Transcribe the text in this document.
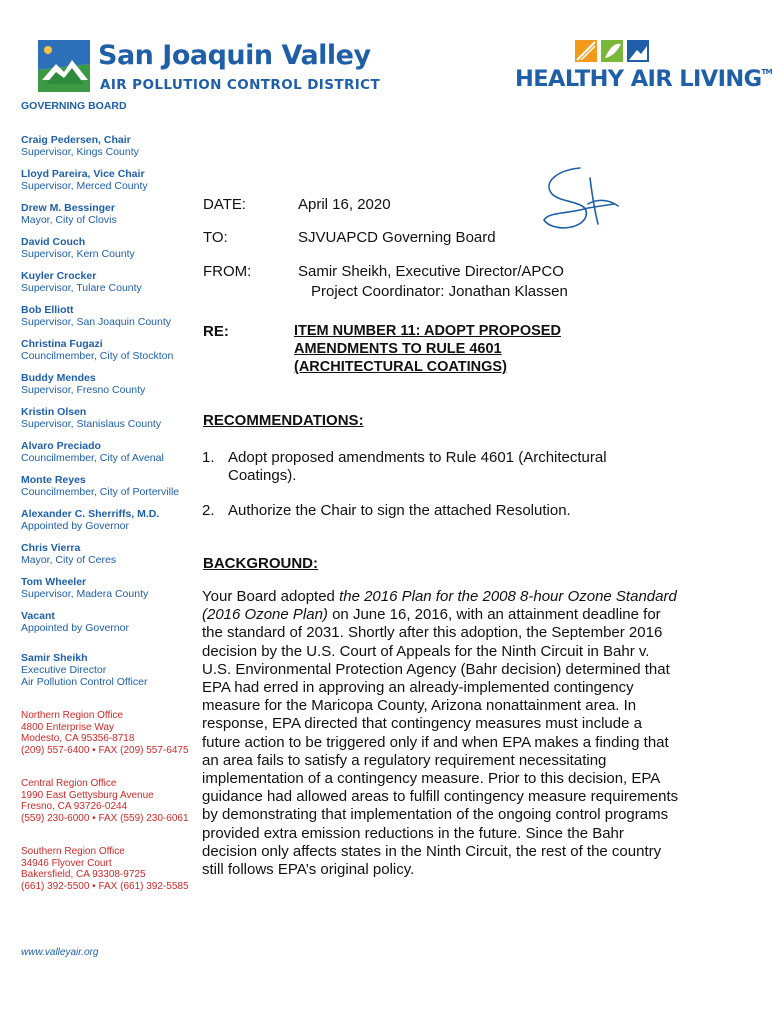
San Joaquin Valley
AIR POLLUTION CONTROL DISTRICT	HEALTHY AIR LIVING™
GOVERNING BOARD
Craig Pedersen, Chair
Supervisor, Kings County
Lloyd Pareira, Vice Chair
Supervisor, Merced County
Drew M. Bessinger
Mayor, City of Clovis
David Couch
Supervisor, Kern County
Kuyler Crocker
Supervisor, Tulare County
Bob Elliott
Supervisor, San Joaquin County
Christina Fugazi
Councilmember, City of Stockton
Buddy Mendes
Supervisor, Fresno County
Kristin Olsen
Supervisor, Stanislaus County
Alvaro Preciado
Councilmember, City of Avenal
Monte Reyes
Councilmember, City of Porterville
Alexander C. Sherriffs, M.D.
Appointed by Governor
Chris Vierra
Mayor, City of Ceres
Tom Wheeler
Supervisor, Madera County
Vacant
Appointed by Governor
Samir Sheikh
Executive Director
Air Pollution Control Officer
Northern Region Office
4800 Enterprise Way
Modesto, CA 95356-8718
(209) 557-6400 • FAX (209) 557-6475
Central Region Office
1990 East Gettysburg Avenue
Fresno, CA 93726-0244
(559) 230-6000 • FAX (559) 230-6061
Southern Region Office
34946 Flyover Court
Bakersfield, CA 93308-9725
(661) 392-5500 • FAX (661) 392-5585
www.valleyair.org
DATE:	April 16, 2020
TO:	SJVUAPCD Governing Board
FROM:	Samir Sheikh, Executive Director/APCO
Project Coordinator: Jonathan Klassen
RE:	ITEM NUMBER 11: ADOPT PROPOSED
AMENDMENTS TO RULE 4601
(ARCHITECTURAL COATINGS)
RECOMMENDATIONS:
1. Adopt proposed amendments to Rule 4601 (Architectural Coatings).
2. Authorize the Chair to sign the attached Resolution.
BACKGROUND:
Your Board adopted the 2016 Plan for the 2008 8-hour Ozone Standard (2016 Ozone Plan) on June 16, 2016, with an attainment deadline for the standard of 2031. Shortly after this adoption, the September 2016 decision by the U.S. Court of Appeals for the Ninth Circuit in Bahr v. U.S. Environmental Protection Agency (Bahr decision) determined that EPA had erred in approving an already-implemented contingency measure for the Maricopa County, Arizona nonattainment area. In response, EPA directed that contingency measures must include a future action to be triggered only if and when EPA makes a finding that an area fails to satisfy a regulatory requirement necessitating implementation of a contingency measure. Prior to this decision, EPA guidance had allowed areas to fulfill contingency measure requirements by demonstrating that implementation of the ongoing control programs provided extra emission reductions in the future. Since the Bahr decision only affects states in the Ninth Circuit, the rest of the country still follows EPA’s original policy.
